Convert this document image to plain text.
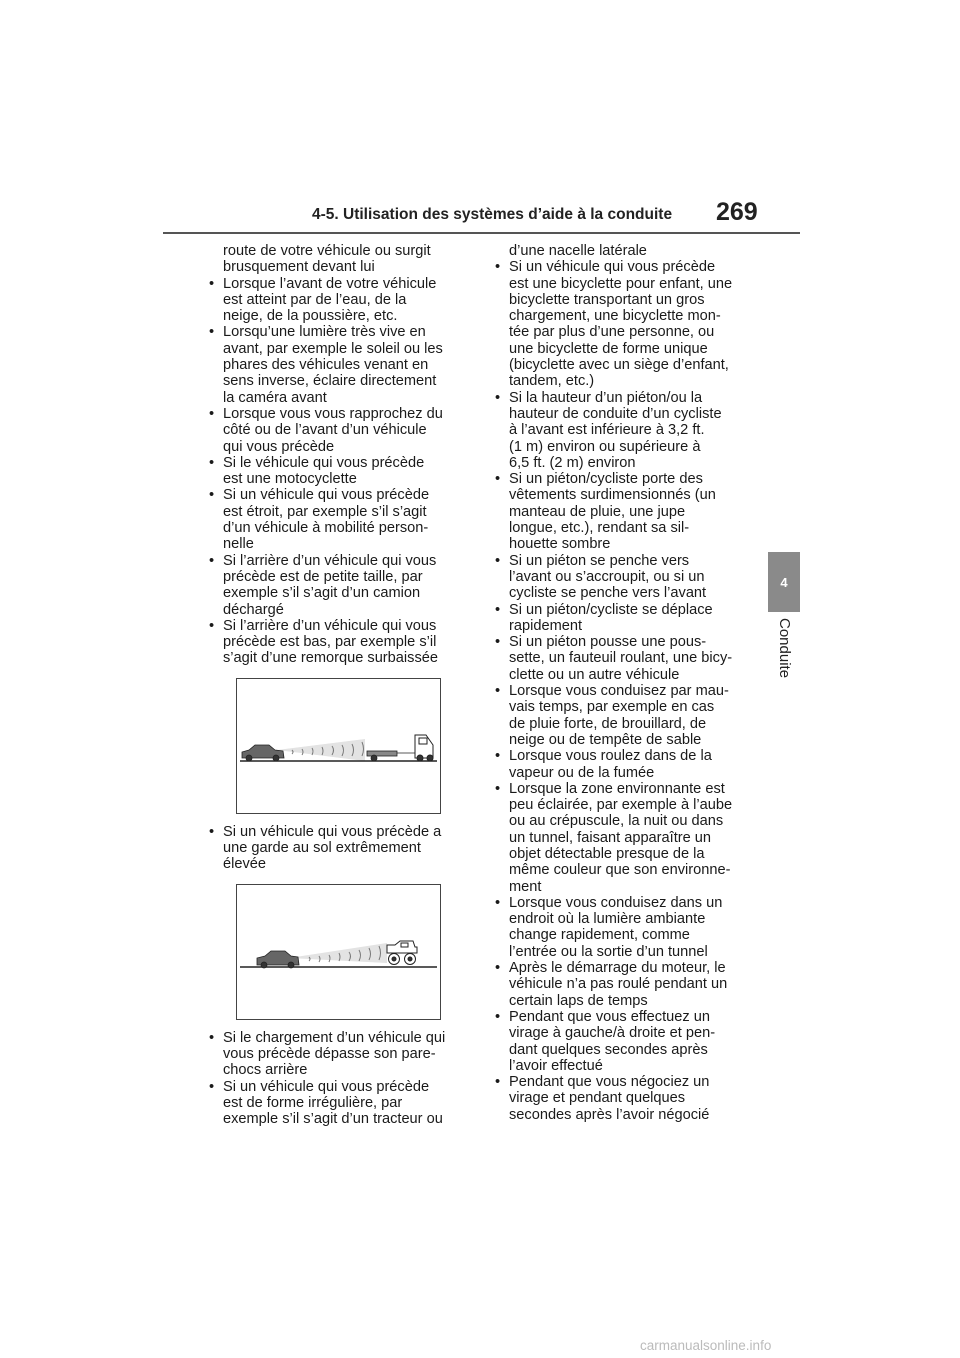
4-5. Utilisation des systèmes d’aide à la conduite 269
4
Conduite
route de votre véhicule ou surgit
brusquement devant lui
• Lorsque l’avant de votre véhicule
est atteint par de l’eau, de la
neige, de la poussière, etc.
• Lorsqu’une lumière très vive en
avant, par exemple le soleil ou les
phares des véhicules venant en
sens inverse, éclaire directement
la caméra avant
• Lorsque vous vous rapprochez du
côté ou de l’avant d’un véhicule
qui vous précède
• Si le véhicule qui vous précède
est une motocyclette
• Si un véhicule qui vous précède
est étroit, par exemple s’il s’agit
d’un véhicule à mobilité person-
nelle
• Si l’arrière d’un véhicule qui vous
précède est de petite taille, par
exemple s’il s’agit d’un camion
déchargé
• Si l’arrière d’un véhicule qui vous
précède est bas, par exemple s’il
s’agit d’une remorque surbaissée
• Si un véhicule qui vous précède a
une garde au sol extrêmement
élevée
• Si le chargement d’un véhicule qui
vous précède dépasse son pare-
chocs arrière
• Si un véhicule qui vous précède
est de forme irrégulière, par
exemple s’il s’agit d’un tracteur ou
d’une nacelle latérale
• Si un véhicule qui vous précède
est une bicyclette pour enfant, une
bicyclette transportant un gros
chargement, une bicyclette mon-
tée par plus d’une personne, ou
une bicyclette de forme unique
(bicyclette avec un siège d’enfant,
tandem, etc.)
• Si la hauteur d’un piéton/ou la
hauteur de conduite d’un cycliste
à l’avant est inférieure à 3,2 ft.
(1 m) environ ou supérieure à
6,5 ft. (2 m) environ
• Si un piéton/cycliste porte des
vêtements surdimensionnés (un
manteau de pluie, une jupe
longue, etc.), rendant sa sil-
houette sombre
• Si un piéton se penche vers
l’avant ou s’accroupit, ou si un
cycliste se penche vers l’avant
• Si un piéton/cycliste se déplace
rapidement
• Si un piéton pousse une pous-
sette, un fauteuil roulant, une bicy-
clette ou un autre véhicule
• Lorsque vous conduisez par mau-
vais temps, par exemple en cas
de pluie forte, de brouillard, de
neige ou de tempête de sable
• Lorsque vous roulez dans de la
vapeur ou de la fumée
• Lorsque la zone environnante est
peu éclairée, par exemple à l’aube
ou au crépuscule, la nuit ou dans
un tunnel, faisant apparaître un
objet détectable presque de la
même couleur que son environne-
ment
• Lorsque vous conduisez dans un
endroit où la lumière ambiante
change rapidement, comme
l’entrée ou la sortie d’un tunnel
• Après le démarrage du moteur, le
véhicule n’a pas roulé pendant un
certain laps de temps
• Pendant que vous effectuez un
virage à gauche/à droite et pen-
dant quelques secondes après
l’avoir effectué
• Pendant que vous négociez un
virage et pendant quelques
secondes après l’avoir négocié
carmanualsonline.info
